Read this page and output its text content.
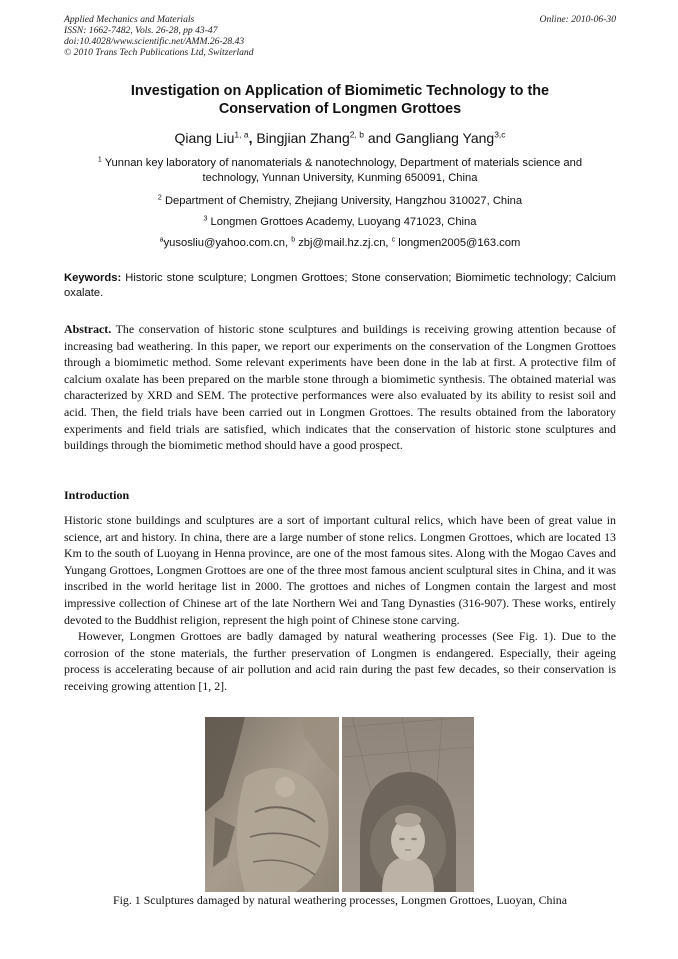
Applied Mechanics and Materials
ISSN: 1662-7482, Vols. 26-28, pp 43-47
doi:10.4028/www.scientific.net/AMM.26-28.43
© 2010 Trans Tech Publications Ltd, Switzerland
Online: 2010-06-30
Investigation on Application of Biomimetic Technology to the
Conservation of Longmen Grottoes
Qiang Liu$^{1, a}$, Bingjian Zhang$^{2, b}$ and Gangliang Yang$^{3,c}$
$^1$ Yunnan key laboratory of nanomaterials & nanotechnology, Department of materials science and
technology, Yunnan University, Kunming 650091, China
$^2$ Department of Chemistry, Zhejiang University, Hangzhou 310027, China
$^3$ Longmen Grottoes Academy, Luoyang 471023, China
$^a$yusosliu@yahoo.com.cn, $^b$ zbj@mail.hz.zj.cn, $^c$ longmen2005@163.com
Keywords: Historic stone sculpture; Longmen Grottoes; Stone conservation; Biomimetic technology; Calcium oxalate.
Abstract. The conservation of historic stone sculptures and buildings is receiving growing attention because of increasing bad weathering. In this paper, we report our experiments on the conservation of the Longmen Grottoes through a biomimetic method. Some relevant experiments have been done in the lab at first. A protective film of calcium oxalate has been prepared on the marble stone through a biomimetic synthesis. The obtained material was characterized by XRD and SEM. The protective performances were also evaluated by its ability to resist soil and acid. Then, the field trials have been carried out in Longmen Grottoes. The results obtained from the laboratory experiments and field trials are satisfied, which indicates that the conservation of historic stone sculptures and buildings through the biomimetic method should have a good prospect.
Introduction

Historic stone buildings and sculptures are a sort of important cultural relics, which have been of great value in science, art and history. In china, there are a large number of stone relics. Longmen Grottoes, which are located 13 Km to the south of Luoyang in Henna province, are one of the most famous sites. Along with the Mogao Caves and Yungang Grottoes, Longmen Grottoes are one of the three most famous ancient sculptural sites in China, and it was inscribed in the world heritage list in 2000. The grottoes and niches of Longmen contain the largest and most impressive collection of Chinese art of the late Northern Wei and Tang Dynasties (316-907). These works, entirely devoted to the Buddhist religion, represent the high point of Chinese stone carving.

However, Longmen Grottoes are badly damaged by natural weathering processes (See Fig. 1). Due to the corrosion of the stone materials, the further preservation of Longmen is endangered. Especially, their ageing process is accelerating because of air pollution and acid rain during the past few decades, so their conservation is receiving growing attention [1, 2].

Fig. 1 Sculptures damaged by natural weathering processes, Longmen Grottoes, Luoyan, China
